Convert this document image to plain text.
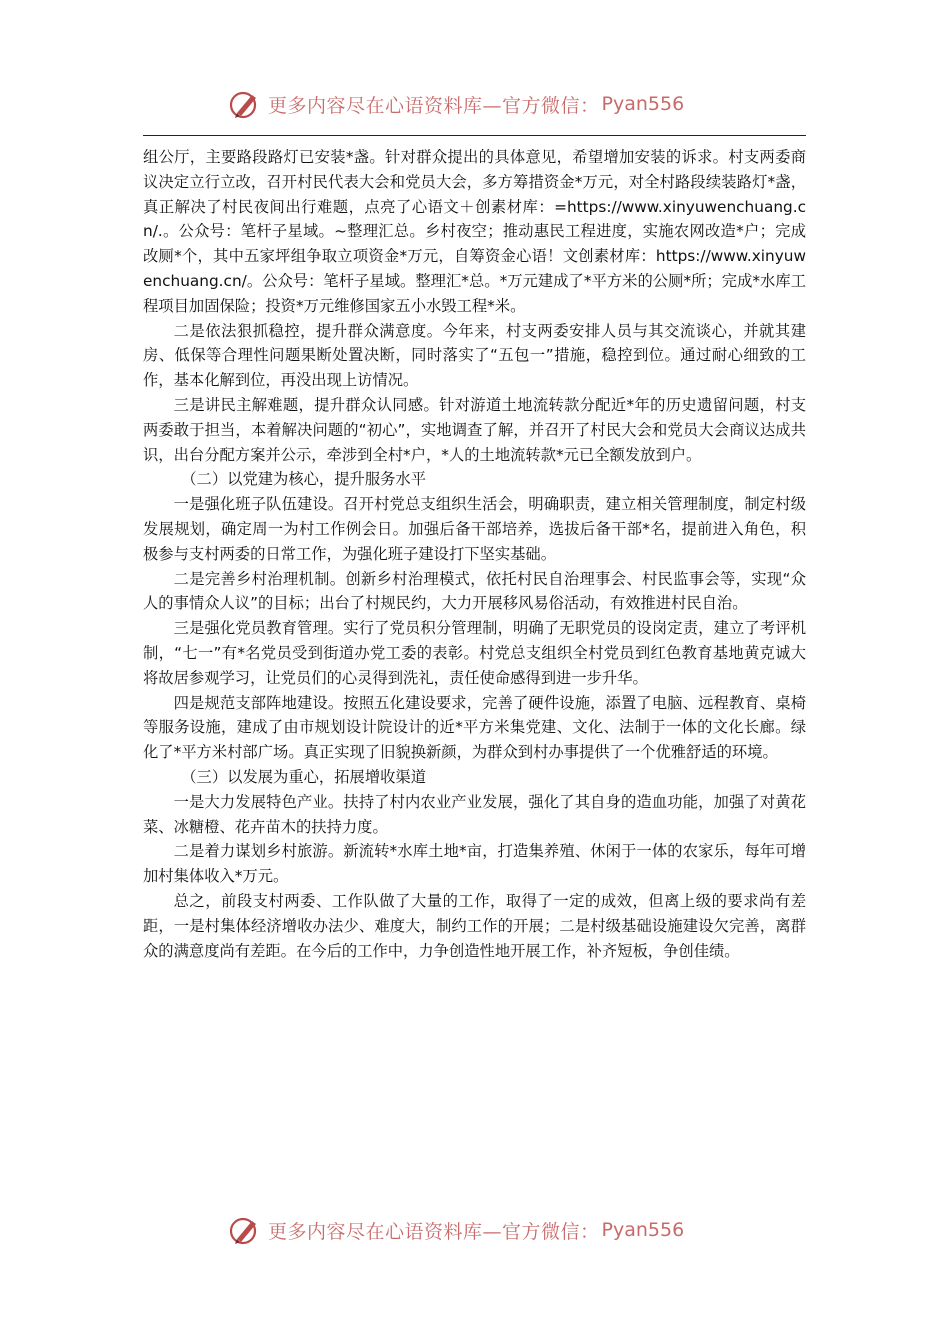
更多内容尽在心语资料库—官方微信： Pyan556

组公厅，主要路段路灯已安装*盏。针对群众提出的具体意见，希望增加安装的诉求。村支两委商议决定立行立改，召开村民代表大会和党员大会，多方筹措资金*万元，对全村路段续装路灯*盏，真正解决了村民夜间出行难题，点亮了心语文＋创素材库：=https://www.xinyuwenchuang.cn/.。公众号：笔杆子星域。~整理汇总。乡村夜空；推动惠民工程进度，实施农网改造*户；完成改厕*个，其中五家坪组争取立项资金*万元，自筹资金心语！文创素材库：https://www.xinyuwenchuang.cn/。公众号：笔杆子星域。整理汇*总。*万元建成了*平方米的公厕*所；完成*水库工程项目加固保险；投资*万元维修国家五小水毁工程*米。

二是依法狠抓稳控，提升群众满意度。今年来，村支两委安排人员与其交流谈心，并就其建房、低保等合理性问题果断处置决断，同时落实了“五包一”措施，稳控到位。通过耐心细致的工作，基本化解到位，再没出现上访情况。

三是讲民主解难题，提升群众认同感。针对游道土地流转款分配近*年的历史遗留问题，村支两委敢于担当，本着解决问题的“初心”，实地调查了解，并召开了村民大会和党员大会商议达成共识，出台分配方案并公示，牵涉到全村*户，*人的土地流转款*元已全额发放到户。

（二）以党建为核心，提升服务水平

一是强化班子队伍建设。召开村党总支组织生活会，明确职责，建立相关管理制度，制定村级发展规划，确定周一为村工作例会日。加强后备干部培养，选拔后备干部*名，提前进入角色，积极参与支村两委的日常工作，为强化班子建设打下坚实基础。

二是完善乡村治理机制。创新乡村治理模式，依托村民自治理事会、村民监事会等，实现“众人的事情众人议”的目标；出台了村规民约，大力开展移风易俗活动，有效推进村民自治。

三是强化党员教育管理。实行了党员积分管理制，明确了无职党员的设岗定责，建立了考评机制，“七一”有*名党员受到街道办党工委的表彰。村党总支组织全村党员到红色教育基地黄克诚大将故居参观学习，让党员们的心灵得到洗礼，责任使命感得到进一步升华。

四是规范支部阵地建设。按照五化建设要求，完善了硬件设施，添置了电脑、远程教育、桌椅等服务设施，建成了由市规划设计院设计的近*平方米集党建、文化、法制于一体的文化长廊。绿化了*平方米村部广场。真正实现了旧貌换新颜，为群众到村办事提供了一个优雅舒适的环境。

（三）以发展为重心，拓展增收渠道

一是大力发展特色产业。扶持了村内农业产业发展，强化了其自身的造血功能，加强了对黄花菜、冰糖橙、花卉苗木的扶持力度。

二是着力谋划乡村旅游。新流转*水库土地*亩，打造集养殖、休闲于一体的农家乐，每年可增加村集体收入*万元。

总之，前段支村两委、工作队做了大量的工作，取得了一定的成效，但离上级的要求尚有差距，一是村集体经济增收办法少、难度大，制约工作的开展；二是村级基础设施建设欠完善，离群众的满意度尚有差距。在今后的工作中，力争创造性地开展工作，补齐短板，争创佳绩。

更多内容尽在心语资料库—官方微信： Pyan556
